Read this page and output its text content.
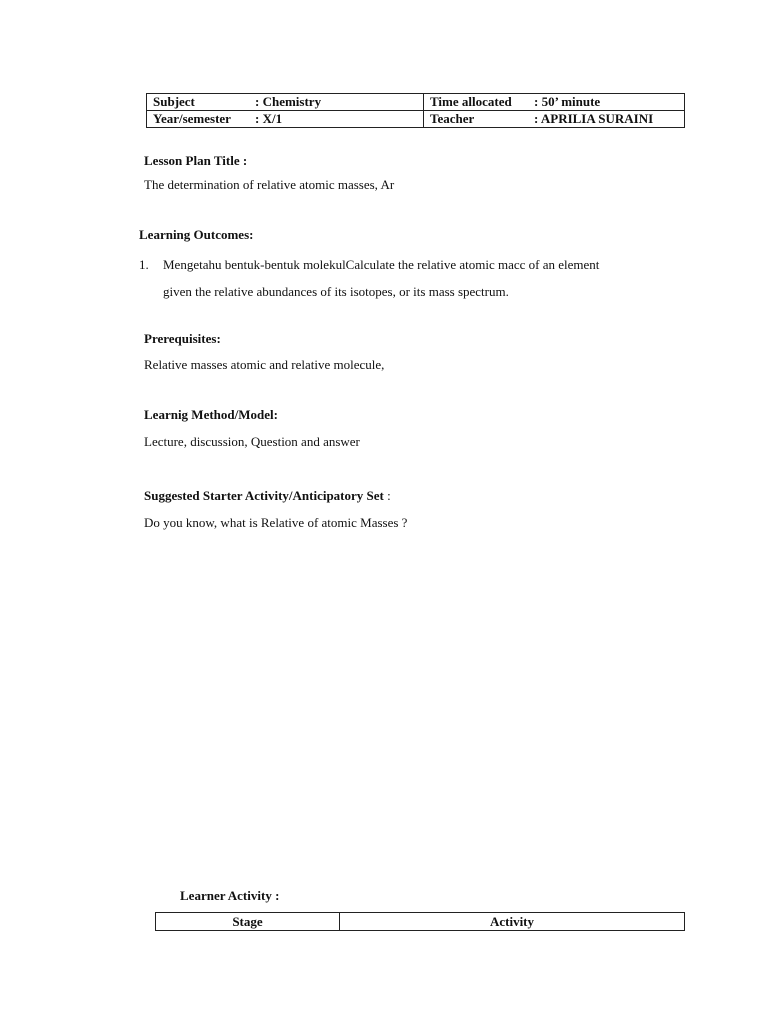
Subject : Chemistry	Time allocated : 50’ minute
Year/semester : X/1	Teacher : APRILIA SURAINI
Lesson Plan Title :
The determination of relative atomic masses, Ar
Learning Outcomes:
1. Mengetahu bentuk-bentuk molekulCalculate the relative atomic macc of an element
given the relative abundances of its isotopes, or its mass spectrum.
Prerequisites:
Relative masses atomic and relative molecule,
Learnig Method/Model:
Lecture, discussion, Question and answer
Suggested Starter Activity/Anticipatory Set :
Do you know, what is Relative of atomic Masses ?
Learner Activity :
Stage	Activity
